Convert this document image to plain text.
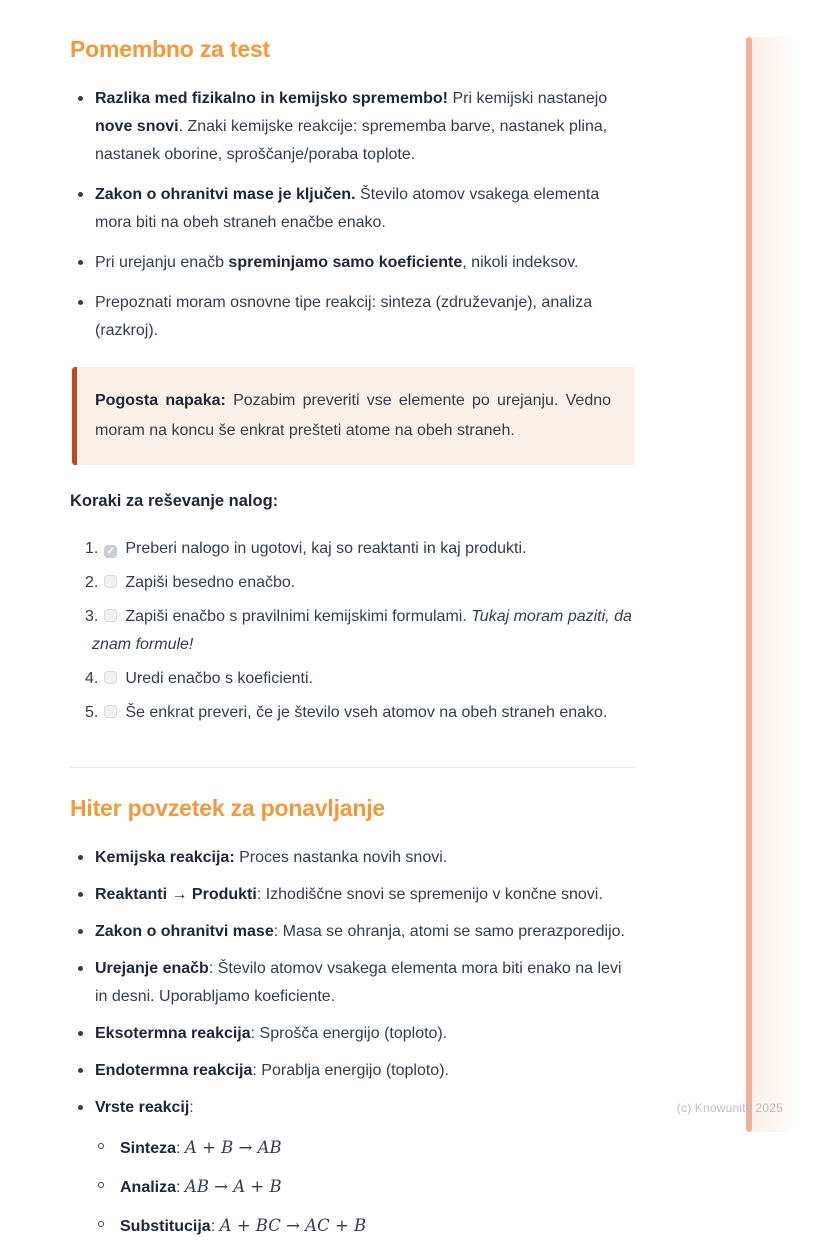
Pomembno za test
Razlika med fizikalno in kemijsko spremembo! Pri kemijski nastanejo nove snovi. Znaki kemijske reakcije: sprememba barve, nastanek plina, nastanek oborine, sproščanje/poraba toplote.
Zakon o ohranitvi mase je ključen. Število atomov vsakega elementa mora biti na obeh straneh enačbe enako.
Pri urejanju enačb spreminjamo samo koeficiente, nikoli indeksov.
Prepoznati moram osnovne tipe reakcij: sinteza (združevanje), analiza (razkroj).
Pogosta napaka: Pozabim preveriti vse elemente po urejanju. Vedno moram na koncu še enkrat prešteti atome na obeh straneh.
Koraki za reševanje nalog:
1. ✓ Preberi nalogo in ugotovi, kaj so reaktanti in kaj produkti.
2. Zapiši besedno enačbo.
3. Zapiši enačbo s pravilnimi kemijskimi formulami. Tukaj moram paziti, da znam formule!
4. Uredi enačbo s koeficienti.
5. Še enkrat preveri, če je število vseh atomov na obeh straneh enako.
Hiter povzetek za ponavljanje
Kemijska reakcija: Proces nastanka novih snovi.
Reaktanti → Produkti: Izhodiščne snovi se spremenijo v končne snovi.
Zakon o ohranitvi mase: Masa se ohranja, atomi se samo prerazporedijo.
Urejanje enačb: Število atomov vsakega elementa mora biti enako na levi in desni. Uporabljamo koeficiente.
Eksotermna reakcija: Sprošča energijo (toploto).
Endotermna reakcija: Porablja energijo (toploto).
Vrste reakcij:
Sinteza: A + B → AB
Analiza: AB → A + B
Substitucija: A + BC → AC + B
(c) Knowunity 2025
